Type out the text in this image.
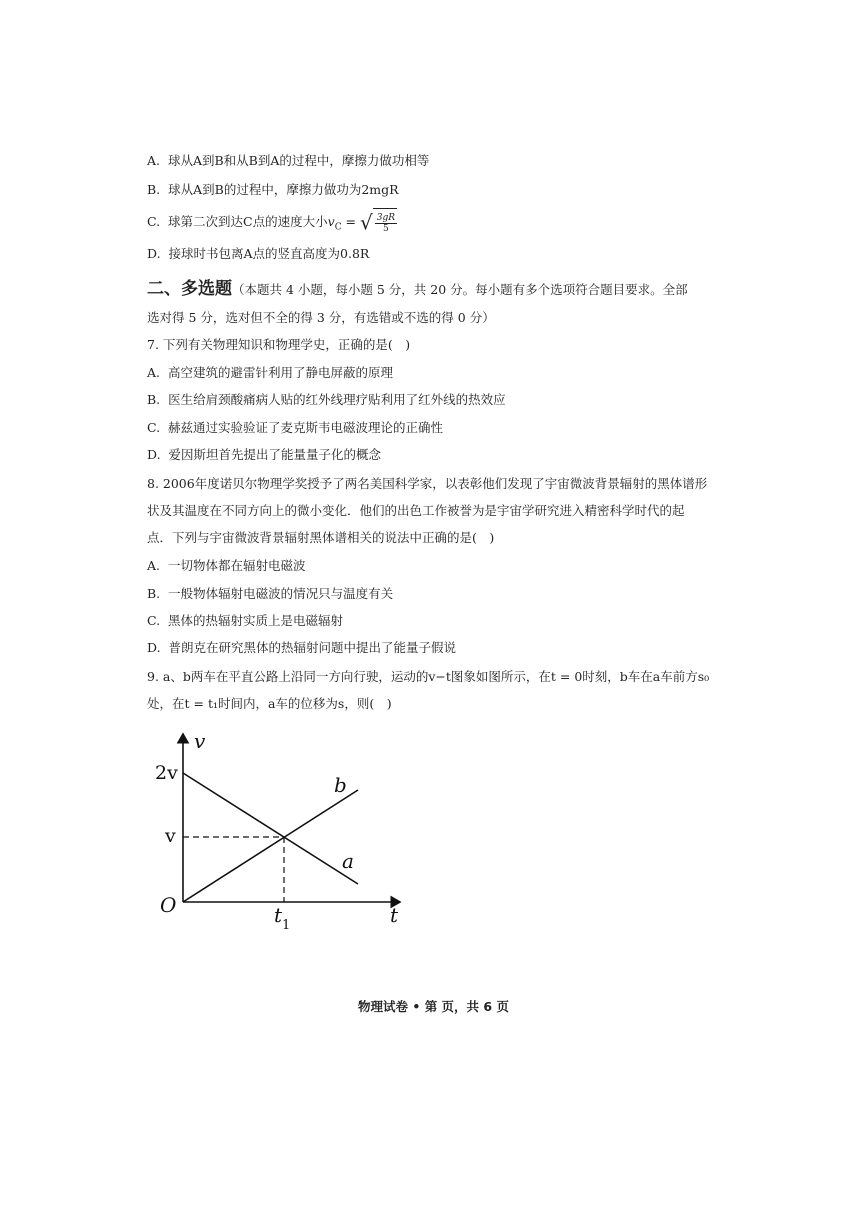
A. 球从A到B和从B到A的过程中，摩擦力做功相等
B. 球从A到B的过程中，摩擦力做功为2mgR
C. 球第二次到达C点的速度大小$v_C$ = √ $\frac{3gR}{5}$
D. 接球时书包离A点的竖直高度为0.8R
二、多选题（本题共 4 小题，每小题 5 分，共 20 分。每小题有多个选项符合题目要求。全部
选对得 5 分，选对但不全的得 3 分，有选错或不选的得 0 分）
7. 下列有关物理知识和物理学史，正确的是(　)
A. 高空建筑的避雷针利用了静电屏蔽的原理
B. 医生给肩颈酸痛病人贴的红外线理疗贴利用了红外线的热效应
C. 赫兹通过实验验证了麦克斯韦电磁波理论的正确性
D. 爱因斯坦首先提出了能量量子化的概念
8. 2006年度诺贝尔物理学奖授予了两名美国科学家，以表彰他们发现了宇宙微波背景辐射的黑体谱形
状及其温度在不同方向上的微小变化．他们的出色工作被誉为是宇宙学研究进入精密科学时代的起
点．下列与宇宙微波背景辐射黑体谱相关的说法中正确的是(　)
A. 一切物体都在辐射电磁波
B. 一般物体辐射电磁波的情况只与温度有关
C. 黑体的热辐射实质上是电磁辐射
D. 普朗克在研究黑体的热辐射问题中提出了能量子假说
9. a、b两车在平直公路上沿同一方向行驶，运动的v−t图象如图所示，在t = 0时刻，b车在a车前方s₀
处，在t = t₁时间内，a车的位移为s，则(　)
v
t
O
2v
v
$t_1$
b
a
物理试卷 • 第 页，共 6 页
